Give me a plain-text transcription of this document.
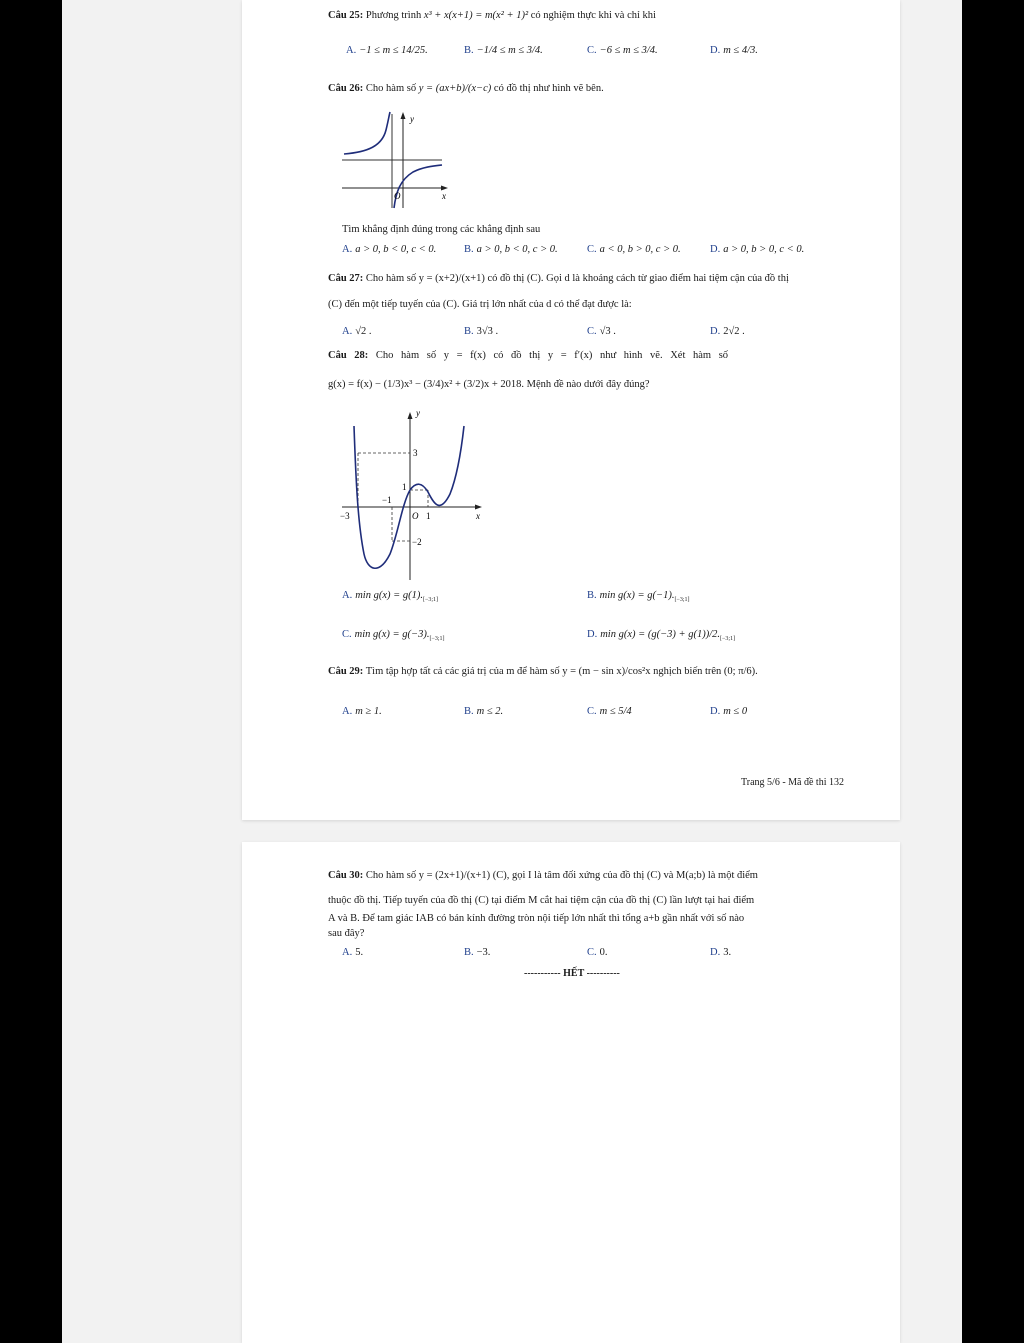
Câu 25: Phương trình x³ + x(x+1) = m(x² + 1)² có nghiệm thực khi và chỉ khi
A. −1 ≤ m ≤ 14/25.	B. −1/4 ≤ m ≤ 3/4.	C. −6 ≤ m ≤ 3/4.	D. m ≤ 4/3.
Câu 26: Cho hàm số y = (ax+b)/(x−c) có đồ thị như hình vẽ bên.
y
x
O
Tìm khẳng định đúng trong các khẳng định sau
A. a > 0, b < 0, c < 0.	B. a > 0, b < 0, c > 0.	C. a < 0, b > 0, c > 0.	D. a > 0, b > 0, c < 0.
Câu 27: Cho hàm số y = (x+2)/(x+1) có đồ thị (C). Gọi d là khoảng cách từ giao điểm hai tiệm cận của đồ thị
(C) đến một tiếp tuyến của (C). Giá trị lớn nhất của d có thể đạt được là:
A. √2 .	B. 3√3 .	C. √3 .	D. 2√2 .
Câu 28: Cho hàm số y = f(x) có đồ thị y = f′(x) như hình vẽ. Xét hàm số
g(x) = f(x) − (1/3)x³ − (3/4)x² + (3/2)x + 2018. Mệnh đề nào dưới đây đúng?
y
x
O
3
1
−1
−3	1
−2
A. $\min g(x) = g(1)._{[-3;1]}$	B. $\min g(x) = g(-1)._{[-3;1]}$
C. $\min g(x) = g(-3)._{[-3;1]}$	D. $\min g(x) = (g(-3) + g(1))/2._{[-3;1]}$
Câu 29: Tìm tập hợp tất cả các giá trị của m để hàm số y = (m − sin x)/cos²x nghịch biến trên (0; π/6).
A. m ≥ 1.	B. m ≤ 2.	C. m ≤ 5/4	D. m ≤ 0
Trang 5/6 - Mã đề thi 132
Câu 30: Cho hàm số y = (2x+1)/(x+1) (C), gọi I là tâm đối xứng của đồ thị (C) và M(a;b) là một điểm
thuộc đồ thị. Tiếp tuyến của đồ thị (C) tại điểm M cắt hai tiệm cận của đồ thị (C) lần lượt tại hai điểm
A và B. Để tam giác IAB có bán kính đường tròn nội tiếp lớn nhất thì tổng a+b gần nhất với số nào
sau đây?
A. 5.	B. −3.	C. 0.	D. 3.
----------- HẾT ----------
